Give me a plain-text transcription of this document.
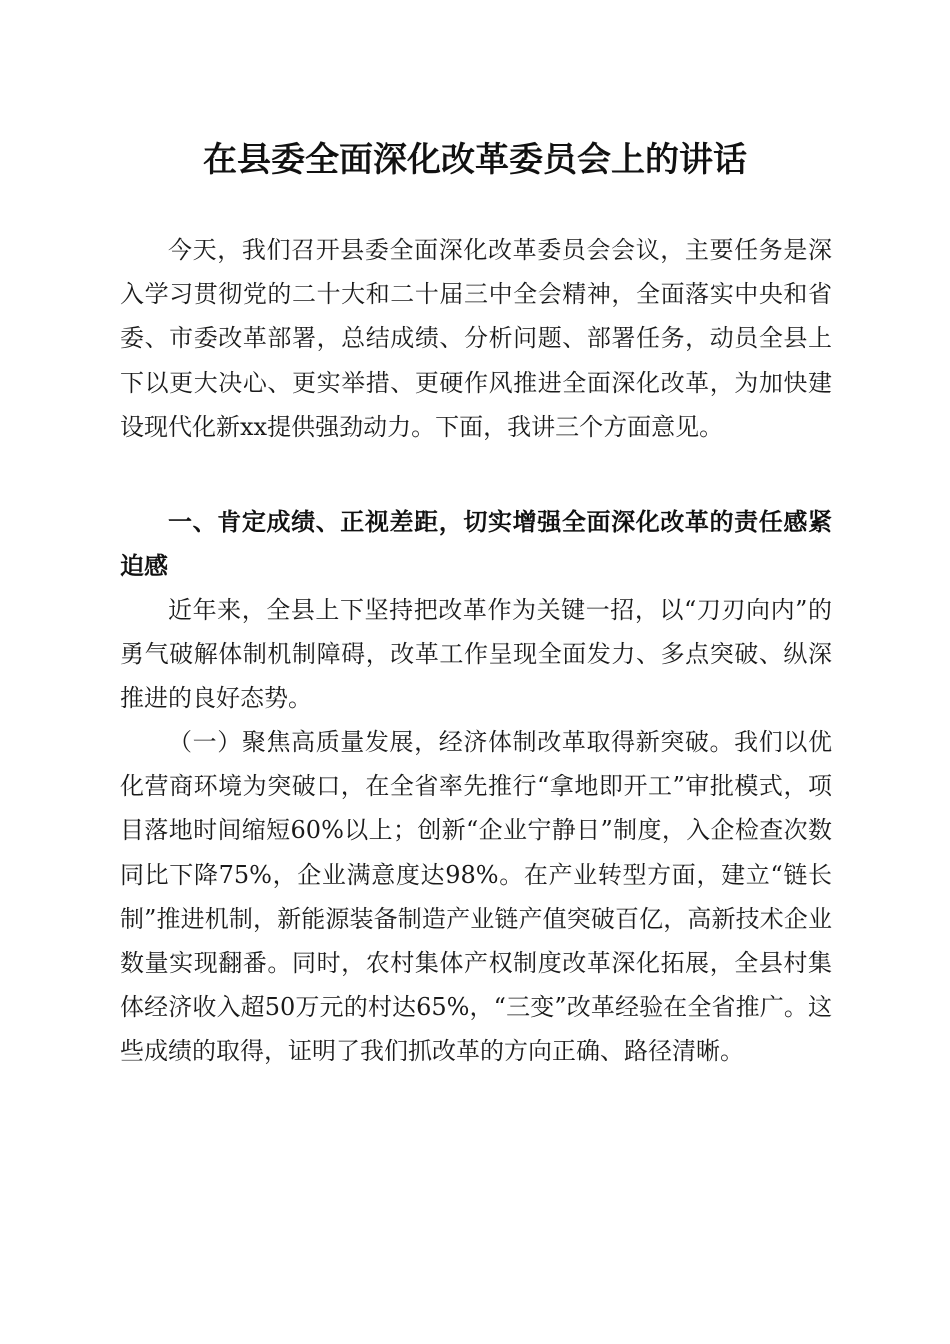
在县委全面深化改革委员会上的讲话

今天，我们召开县委全面深化改革委员会会议，主要任务是深入学习贯彻党的二十大和二十届三中全会精神，全面落实中央和省委、市委改革部署，总结成绩、分析问题、部署任务，动员全县上下以更大决心、更实举措、更硬作风推进全面深化改革，为加快建设现代化新xx提供强劲动力。下面，我讲三个方面意见。

一、肯定成绩、正视差距，切实增强全面深化改革的责任感紧迫感

近年来，全县上下坚持把改革作为关键一招，以“刀刃向内”的勇气破解体制机制障碍，改革工作呈现全面发力、多点突破、纵深推进的良好态势。

（一）聚焦高质量发展，经济体制改革取得新突破。我们以优化营商环境为突破口，在全省率先推行“拿地即开工”审批模式，项目落地时间缩短60%以上；创新“企业宁静日”制度，入企检查次数同比下降75%，企业满意度达98%。在产业转型方面，建立“链长制”推进机制，新能源装备制造产业链产值突破百亿，高新技术企业数量实现翻番。同时，农村集体产权制度改革深化拓展，全县村集体经济收入超50万元的村达65%，“三变”改革经验在全省推广。这些成绩的取得，证明了我们抓改革的方向正确、路径清晰。
